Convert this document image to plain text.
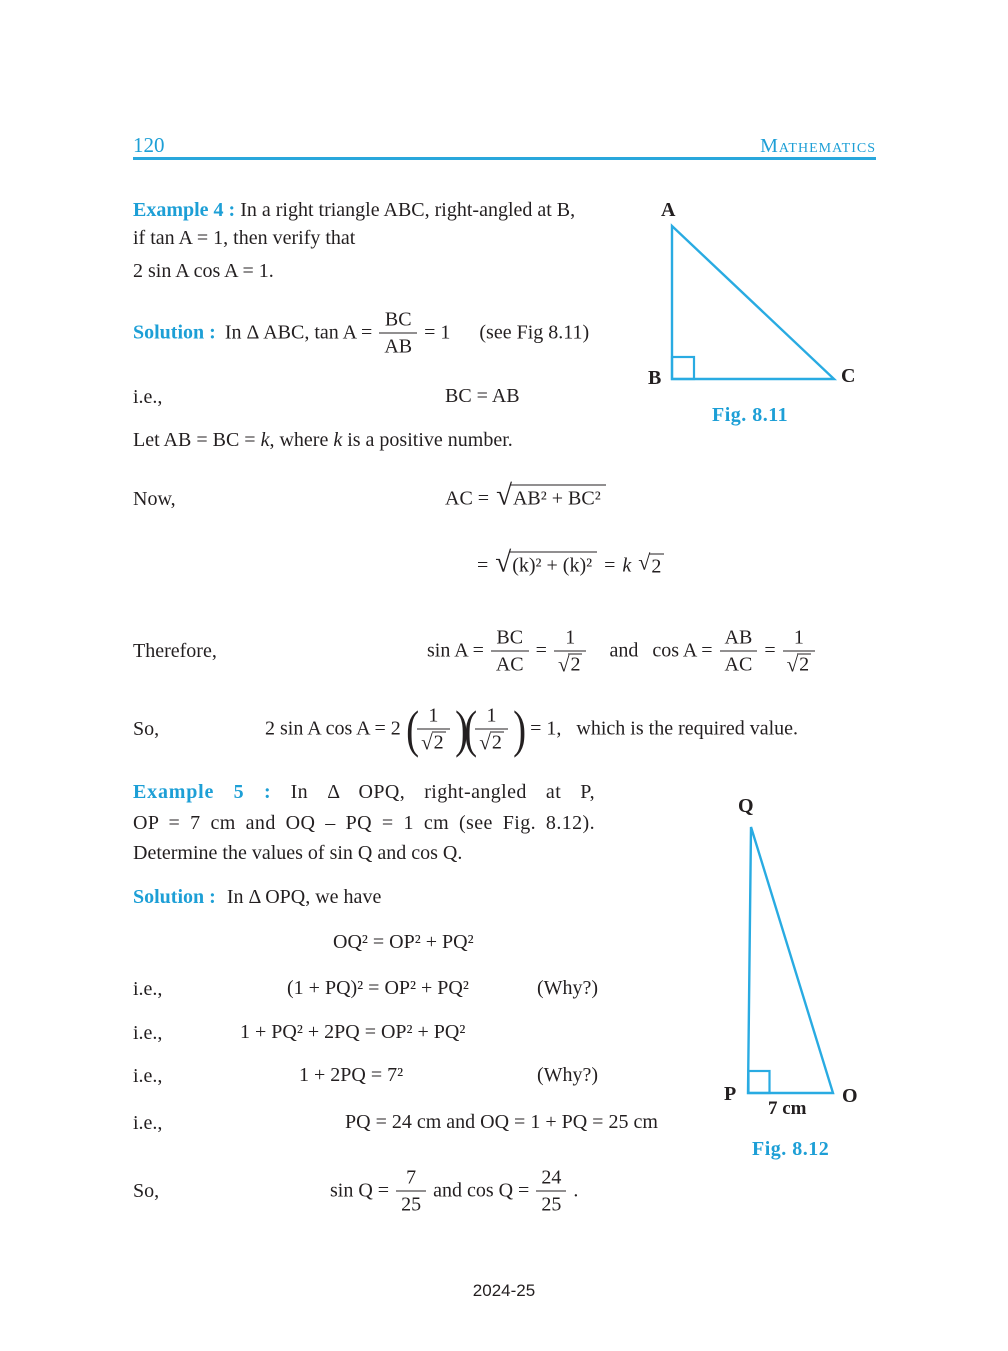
120	Mathematics
Example 4 : In a right triangle ABC, right-angled at B,
if tan A = 1, then verify that
2 sin A cos A = 1.
A
B	C
Fig. 8.11
Solution : In Δ ABC, $\tan A = \frac{BC}{AB} = 1$ (see Fig 8.11)
i.e.,	BC = AB
Let AB = BC = k, where k is a positive number.
Now,	AC = √ AB² + BC²
= √ (k)² + (k)² = k √ 2
Therefore,	$\sin A = \frac{BC}{AC} = \frac{1}{√ 2}$ and $\cos A = \frac{AB}{AC} = \frac{1}{√ 2}$
So,	2 sin A cos A = 2 (
$\frac{1}{√ 2}$ )
(
$\frac{1}{√ 2}$ ) = 1, which is the required value.
Example 5 : In Δ OPQ, right-angled at P,
OP = 7 cm and OQ – PQ = 1 cm (see Fig. 8.12).
Determine the values of sin Q and cos Q.
Solution : In Δ OPQ, we have
OQ² = OP² + PQ²
i.e.,	(1 + PQ)² = OP² + PQ²	(Why?)
i.e.,	1 + PQ² + 2PQ = OP² + PQ²
i.e.,	1 + 2PQ = 7²	(Why?)
i.e.,	PQ = 24 cm and OQ = 1 + PQ = 25 cm
So,	$\sin Q = \frac{7}{25}$ and $\cos Q = \frac{24}{25}$ .
Q
P	O
7 cm
Fig. 8.12
2024-25
